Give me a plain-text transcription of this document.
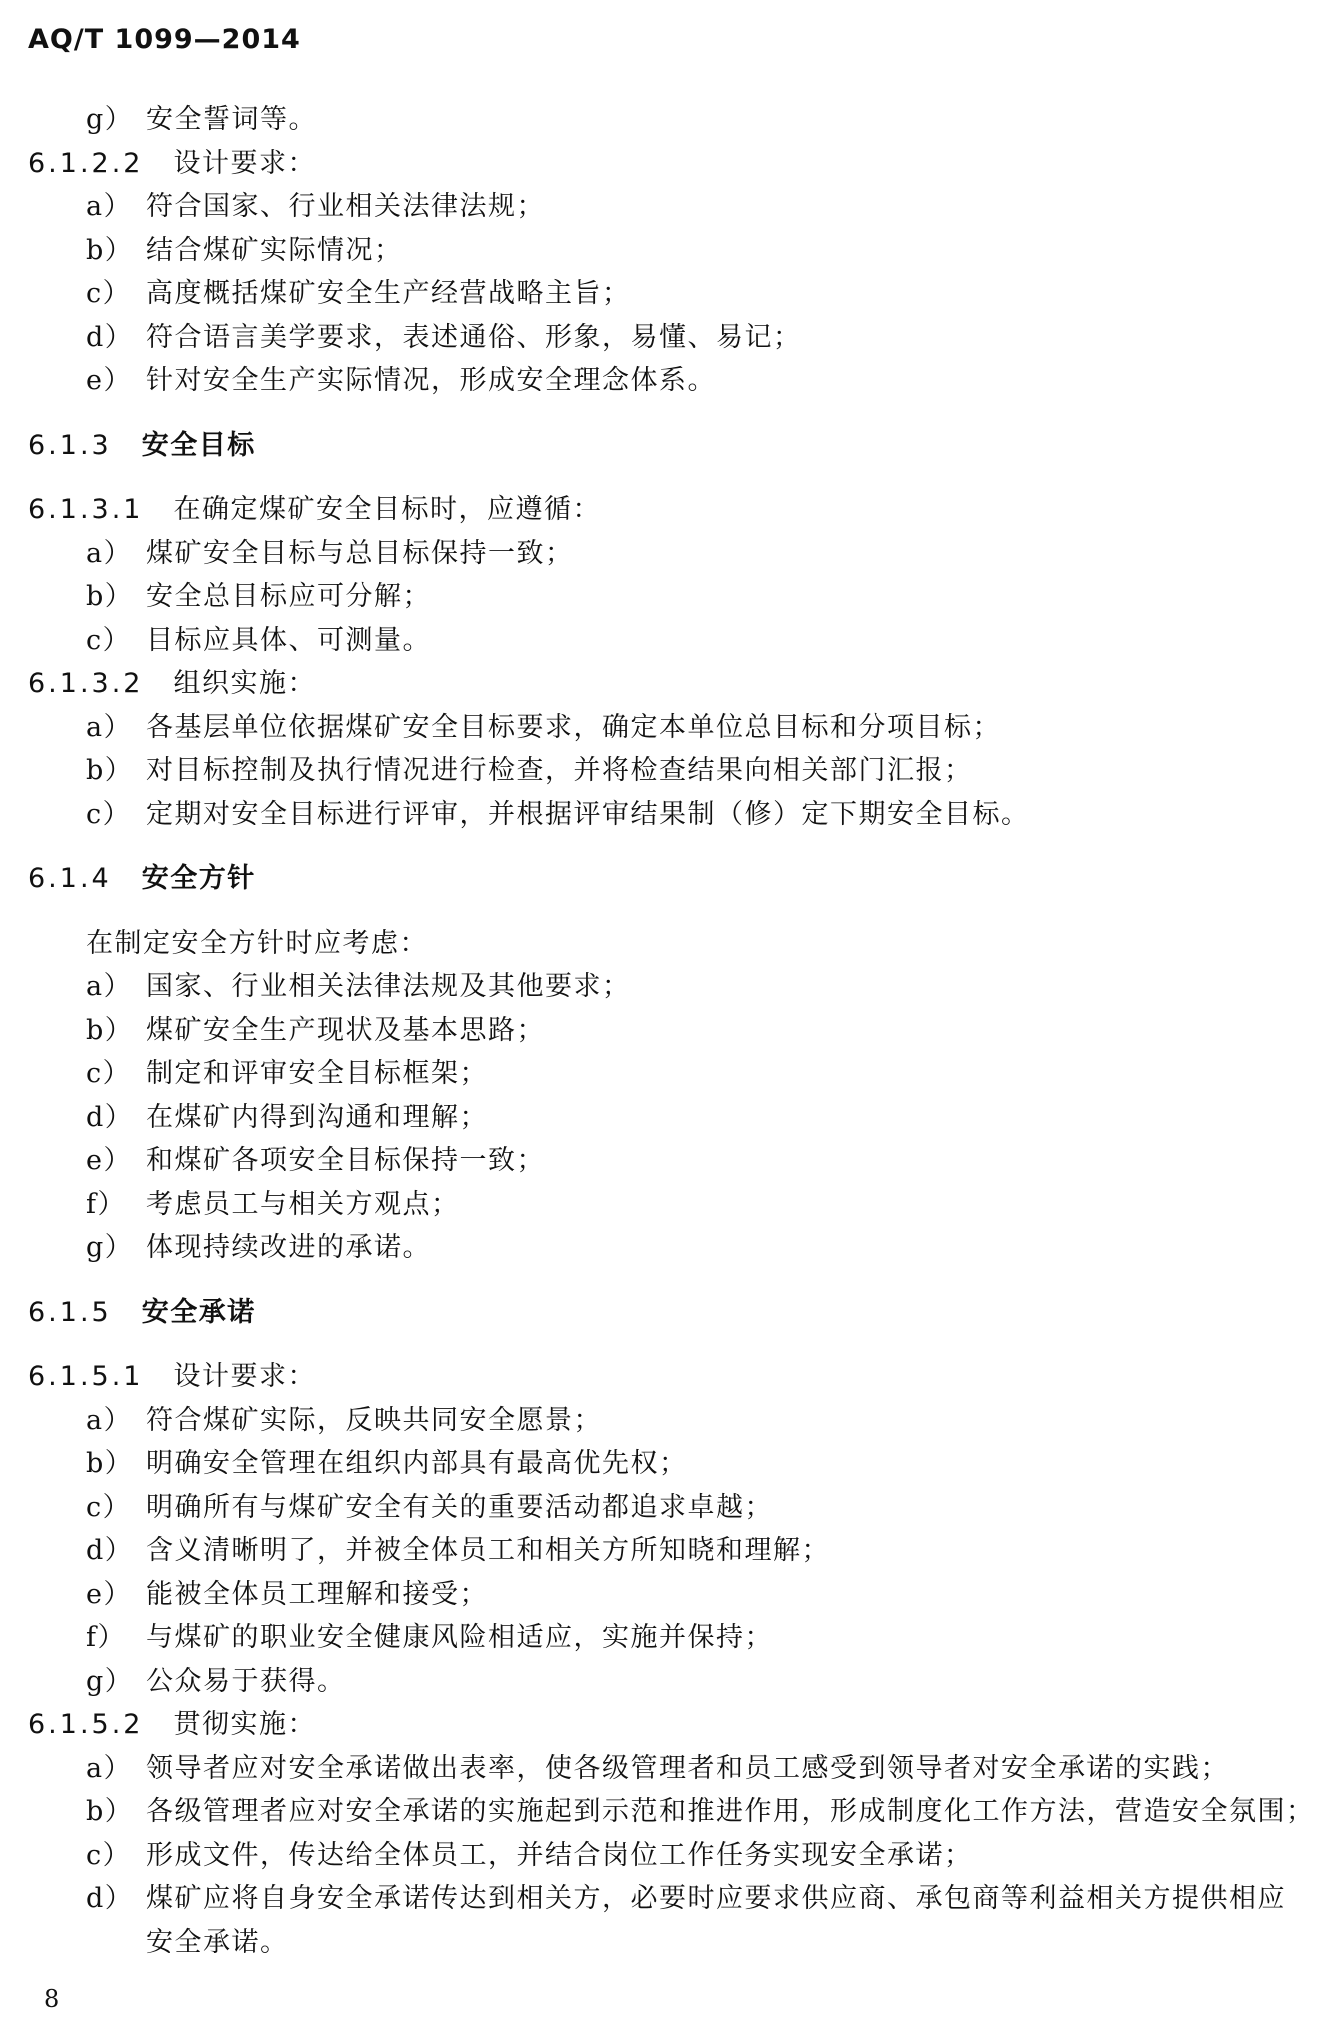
AQ/T 1099—2014
g） 安全誓词等。
6.1.2.2 设计要求：
a） 符合国家、行业相关法律法规；
b） 结合煤矿实际情况；
c） 高度概括煤矿安全生产经营战略主旨；
d） 符合语言美学要求，表述通俗、形象，易懂、易记；
e） 针对安全生产实际情况，形成安全理念体系。
6.1.3 安全目标
6.1.3.1 在确定煤矿安全目标时，应遵循：
a） 煤矿安全目标与总目标保持一致；
b） 安全总目标应可分解；
c） 目标应具体、可测量。
6.1.3.2 组织实施：
a） 各基层单位依据煤矿安全目标要求，确定本单位总目标和分项目标；
b） 对目标控制及执行情况进行检查，并将检查结果向相关部门汇报；
c） 定期对安全目标进行评审，并根据评审结果制（修）定下期安全目标。
6.1.4 安全方针
在制定安全方针时应考虑：
a） 国家、行业相关法律法规及其他要求；
b） 煤矿安全生产现状及基本思路；
c） 制定和评审安全目标框架；
d） 在煤矿内得到沟通和理解；
e） 和煤矿各项安全目标保持一致；
f） 考虑员工与相关方观点；
g） 体现持续改进的承诺。
6.1.5 安全承诺
6.1.5.1 设计要求：
a） 符合煤矿实际，反映共同安全愿景；
b） 明确安全管理在组织内部具有最高优先权；
c） 明确所有与煤矿安全有关的重要活动都追求卓越；
d） 含义清晰明了，并被全体员工和相关方所知晓和理解；
e） 能被全体员工理解和接受；
f） 与煤矿的职业安全健康风险相适应，实施并保持；
g） 公众易于获得。
6.1.5.2 贯彻实施：
a） 领导者应对安全承诺做出表率，使各级管理者和员工感受到领导者对安全承诺的实践；
b） 各级管理者应对安全承诺的实施起到示范和推进作用，形成制度化工作方法，营造安全氛围；
c） 形成文件，传达给全体员工，并结合岗位工作任务实现安全承诺；
d） 煤矿应将自身安全承诺传达到相关方，必要时应要求供应商、承包商等利益相关方提供相应
安全承诺。
8
